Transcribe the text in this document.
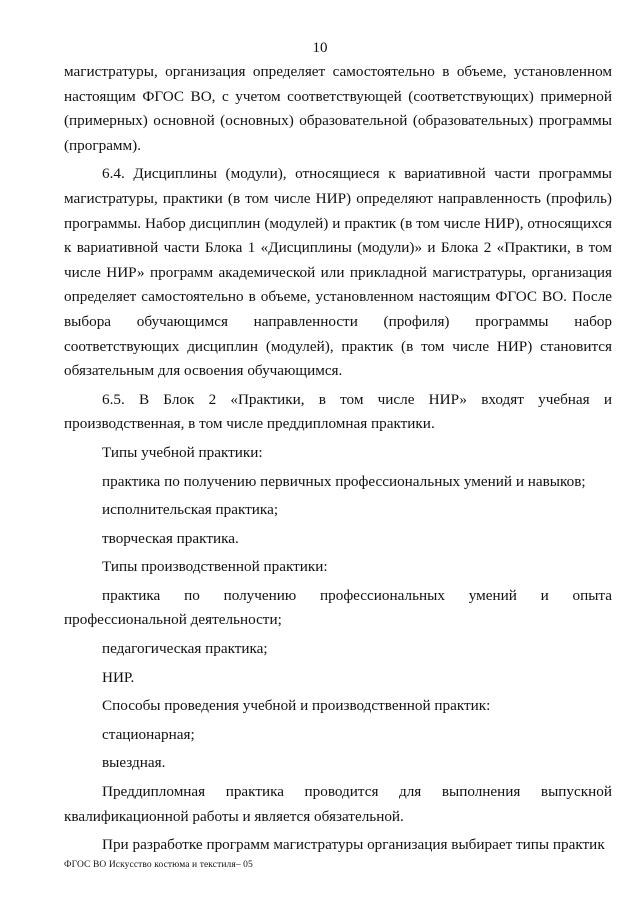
10

магистратуры, организация определяет самостоятельно в объеме, установленном настоящим ФГОС ВО, с учетом соответствующей (соответствующих) примерной (примерных) основной (основных) образовательной (образовательных) программы (программ).

6.4. Дисциплины (модули), относящиеся к вариативной части программы магистратуры, практики (в том числе НИР) определяют направленность (профиль) программы. Набор дисциплин (модулей) и практик (в том числе НИР), относящихся к вариативной части Блока 1 «Дисциплины (модули)» и Блока 2 «Практики, в том числе НИР» программ академической или прикладной магистратуры, организация определяет самостоятельно в объеме, установленном настоящим ФГОС ВО. После выбора обучающимся направленности (профиля) программы набор соответствующих дисциплин (модулей), практик (в том числе НИР) становится обязательным для освоения обучающимся.

6.5. В Блок 2 «Практики, в том числе НИР» входят учебная и производственная, в том числе преддипломная практики.

Типы учебной практики:

практика по получению первичных профессиональных умений и навыков;

исполнительская практика;

творческая практика.

Типы производственной практики:

практика по получению профессиональных умений и опыта профессиональной деятельности;

педагогическая практика;

НИР.

Способы проведения учебной и производственной практик:

стационарная;

выездная.

Преддипломная практика проводится для выполнения выпускной квалификационной работы и является обязательной.

При разработке программ магистратуры организация выбирает типы практик

ФГОС ВО Искусство костюма и текстиля– 05
